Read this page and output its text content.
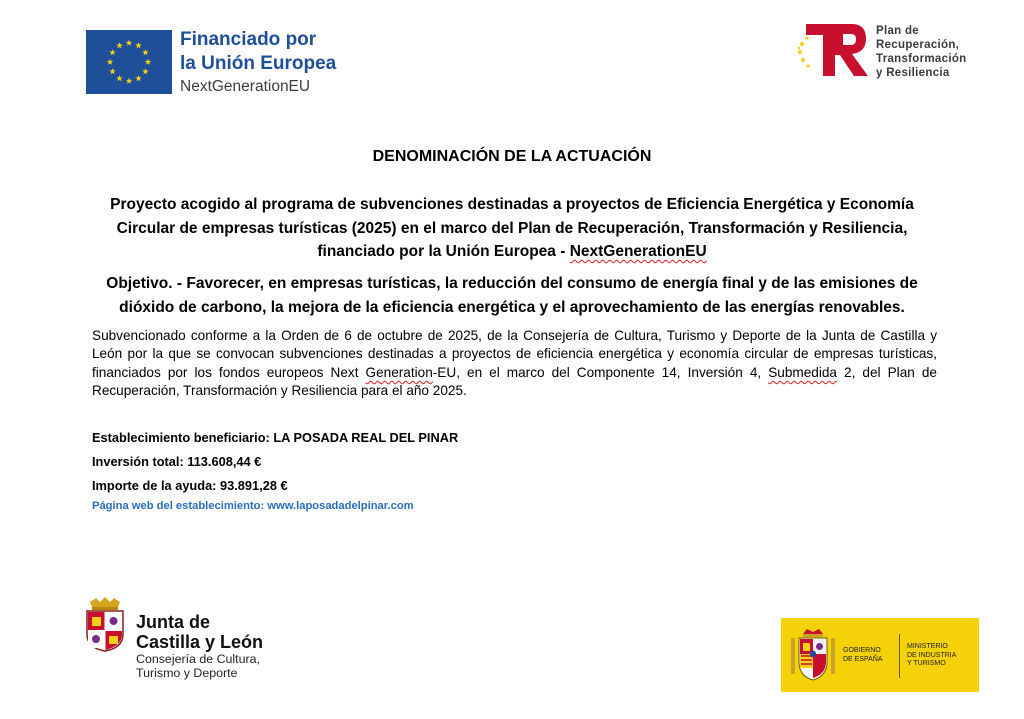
Financiado por
la Unión Europea
NextGenerationEU
Plan de
Recuperación,
Transformación
y Resiliencia
DENOMINACIÓN DE LA ACTUACIÓN
Proyecto acogido al programa de subvenciones destinadas a proyectos de Eficiencia Energética y Economía Circular de empresas turísticas (2025) en el marco del Plan de Recuperación, Transformación y Resiliencia, financiado por la Unión Europea - NextGenerationEU
Objetivo. - Favorecer, en empresas turísticas, la reducción del consumo de energía final y de las emisiones de dióxido de carbono, la mejora de la eficiencia energética y el aprovechamiento de las energías renovables.
Subvencionado conforme a la Orden de 6 de octubre de 2025, de la Consejería de Cultura, Turismo y Deporte de la Junta de Castilla y León por la que se convocan subvenciones destinadas a proyectos de eficiencia energética y economía circular de empresas turísticas, financiados por los fondos europeos Next Generation-EU, en el marco del Componente 14, Inversión 4, Submedida 2, del Plan de Recuperación, Transformación y Resiliencia para el año 2025.
Establecimiento beneficiario: LA POSADA REAL DEL PINAR
Inversión total: 113.608,44 €
Importe de la ayuda: 93.891,28 €
Página web del establecimiento: www.laposadadelpinar.com
Junta de
Castilla y León
Consejería de Cultura,
Turismo y Deporte
GOBIERNO
DE ESPAÑA
MINISTERIO
DE INDUSTRIA
Y TURISMO
